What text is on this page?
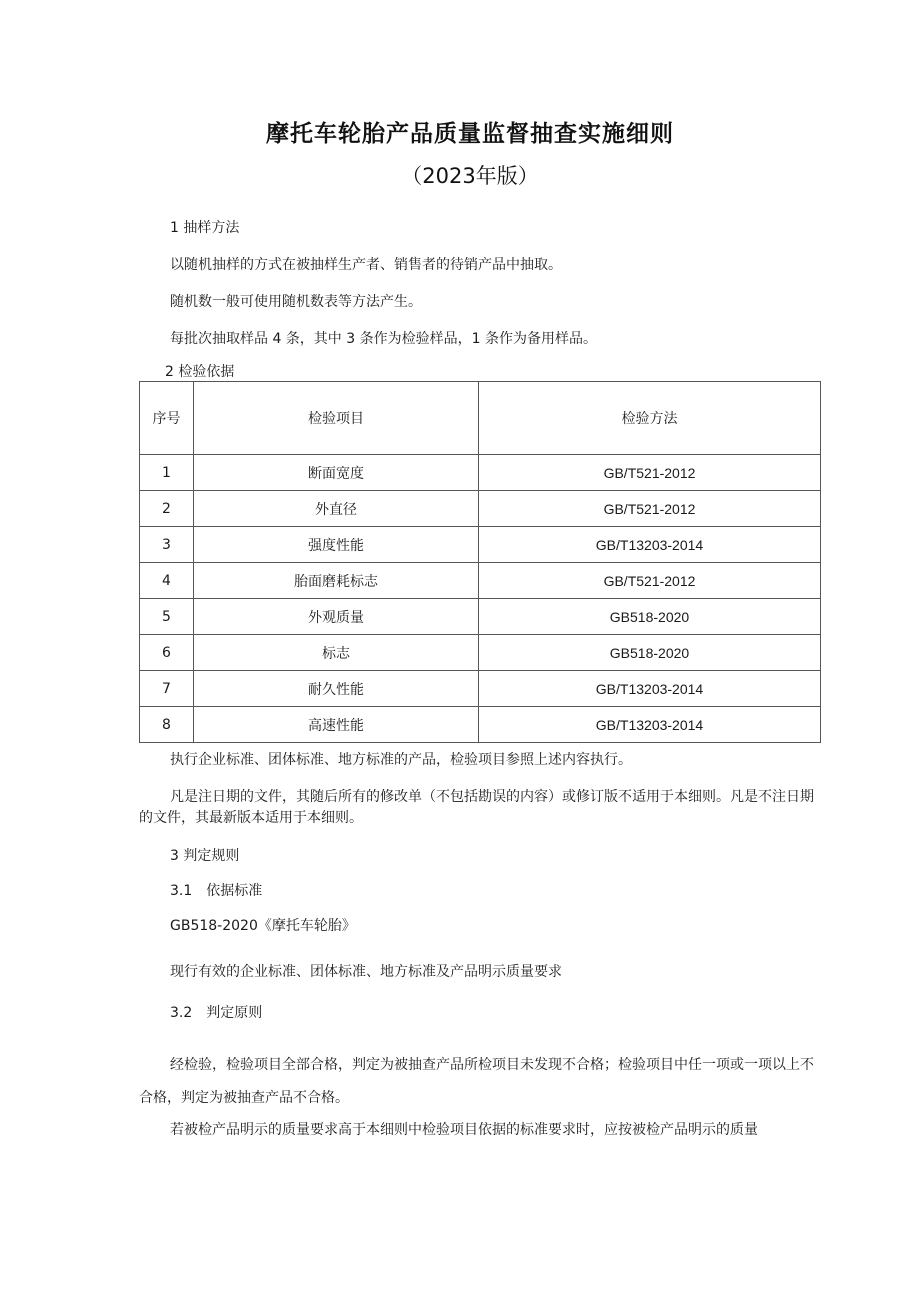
摩托车轮胎产品质量监督抽查实施细则
（2023年版）
1 抽样方法
以随机抽样的方式在被抽样生产者、销售者的待销产品中抽取。
随机数一般可使用随机数表等方法产生。
每批次抽取样品 4 条，其中 3 条作为检验样品，1 条作为备用样品。
2 检验依据
序号	检验项目	检验方法
1	断面宽度	GB/T521-2012
2	外直径	GB/T521-2012
3	强度性能	GB/T13203-2014
4	胎面磨耗标志	GB/T521-2012
5	外观质量	GB518-2020
6	标志	GB518-2020
7	耐久性能	GB/T13203-2014
8	高速性能	GB/T13203-2014
执行企业标准、团体标准、地方标准的产品，检验项目参照上述内容执行。
凡是注日期的文件，其随后所有的修改单（不包括勘误的内容）或修订版不适用于本细则。凡是不注日期的文件，其最新版本适用于本细则。
3 判定规则
3.1　依据标准
GB518-2020《摩托车轮胎》
现行有效的企业标准、团体标准、地方标准及产品明示质量要求
3.2　判定原则
经检验，检验项目全部合格，判定为被抽查产品所检项目未发现不合格；检验项目中任一项或一项以上不合格，判定为被抽查产品不合格。
若被检产品明示的质量要求高于本细则中检验项目依据的标准要求时，应按被检产品明示的质量
